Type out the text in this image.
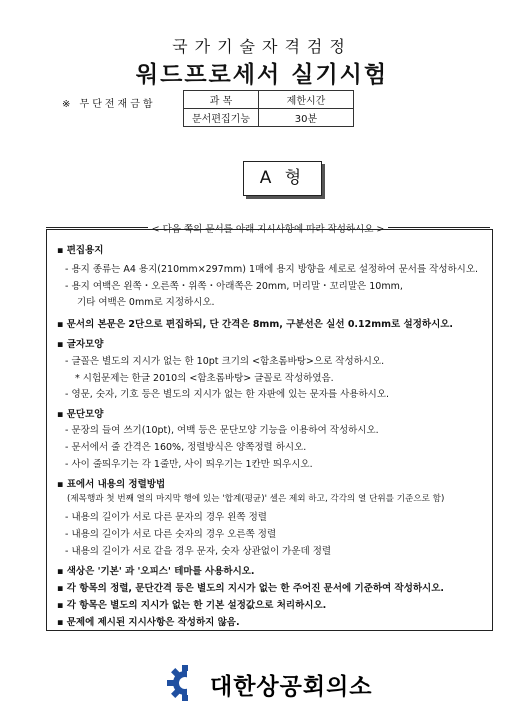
국가기술자격검정
워드프로세서 실기시험
※ 무단전재금함	과 목	제한시간
문서편집기능	30분
A 형
< 다음 쪽의 문서를 아래 지시사항에 따라 작성하시오 >
▪ 편집용지
- 용지 종류는 A4 용지(210mm×297mm) 1매에 용지 방향을 세로로 설정하여 문서를 작성하시오.
- 용지 여백은 왼쪽・오른쪽・위쪽・아래쪽은 20mm, 머리말・꼬리말은 10mm,
기타 여백은 0mm로 지정하시오.
▪ 문서의 본문은 2단으로 편집하되, 단 간격은 8mm, 구분선은 실선 0.12mm로 설정하시오.
▪ 글자모양
- 글꼴은 별도의 지시가 없는 한 10pt 크기의 <함초롬바탕>으로 작성하시오.
* 시험문제는 한글 2010의 <함초롬바탕> 글꼴로 작성하였음.
- 영문, 숫자, 기호 등은 별도의 지시가 없는 한 자판에 있는 문자를 사용하시오.
▪ 문단모양
- 문장의 들여 쓰기(10pt), 여백 등은 문단모양 기능을 이용하여 작성하시오.
- 문서에서 줄 간격은 160%, 정렬방식은 양쪽정렬 하시오.
- 사이 줄띄우기는 각 1줄만, 사이 띄우기는 1칸만 띄우시오.
▪ 표에서 내용의 정렬방법
(제목행과 첫 번째 열의 마지막 행에 있는 '합계(평균)' 셀은 제외 하고, 각각의 열 단위를 기준으로 함)
- 내용의 길이가 서로 다른 문자의 경우 왼쪽 정렬
- 내용의 길이가 서로 다른 숫자의 경우 오른쪽 정렬
- 내용의 길이가 서로 같을 경우 문자, 숫자 상관없이 가운데 정렬
▪ 색상은 '기본' 과 '오피스' 테마를 사용하시오.
▪ 각 항목의 정렬, 문단간격 등은 별도의 지시가 없는 한 주어진 문서에 기준하여 작성하시오.
▪ 각 항목은 별도의 지시가 없는 한 기본 설정값으로 처리하시오.
▪ 문제에 제시된 지시사항은 작성하지 않음.
대한상공회의소
